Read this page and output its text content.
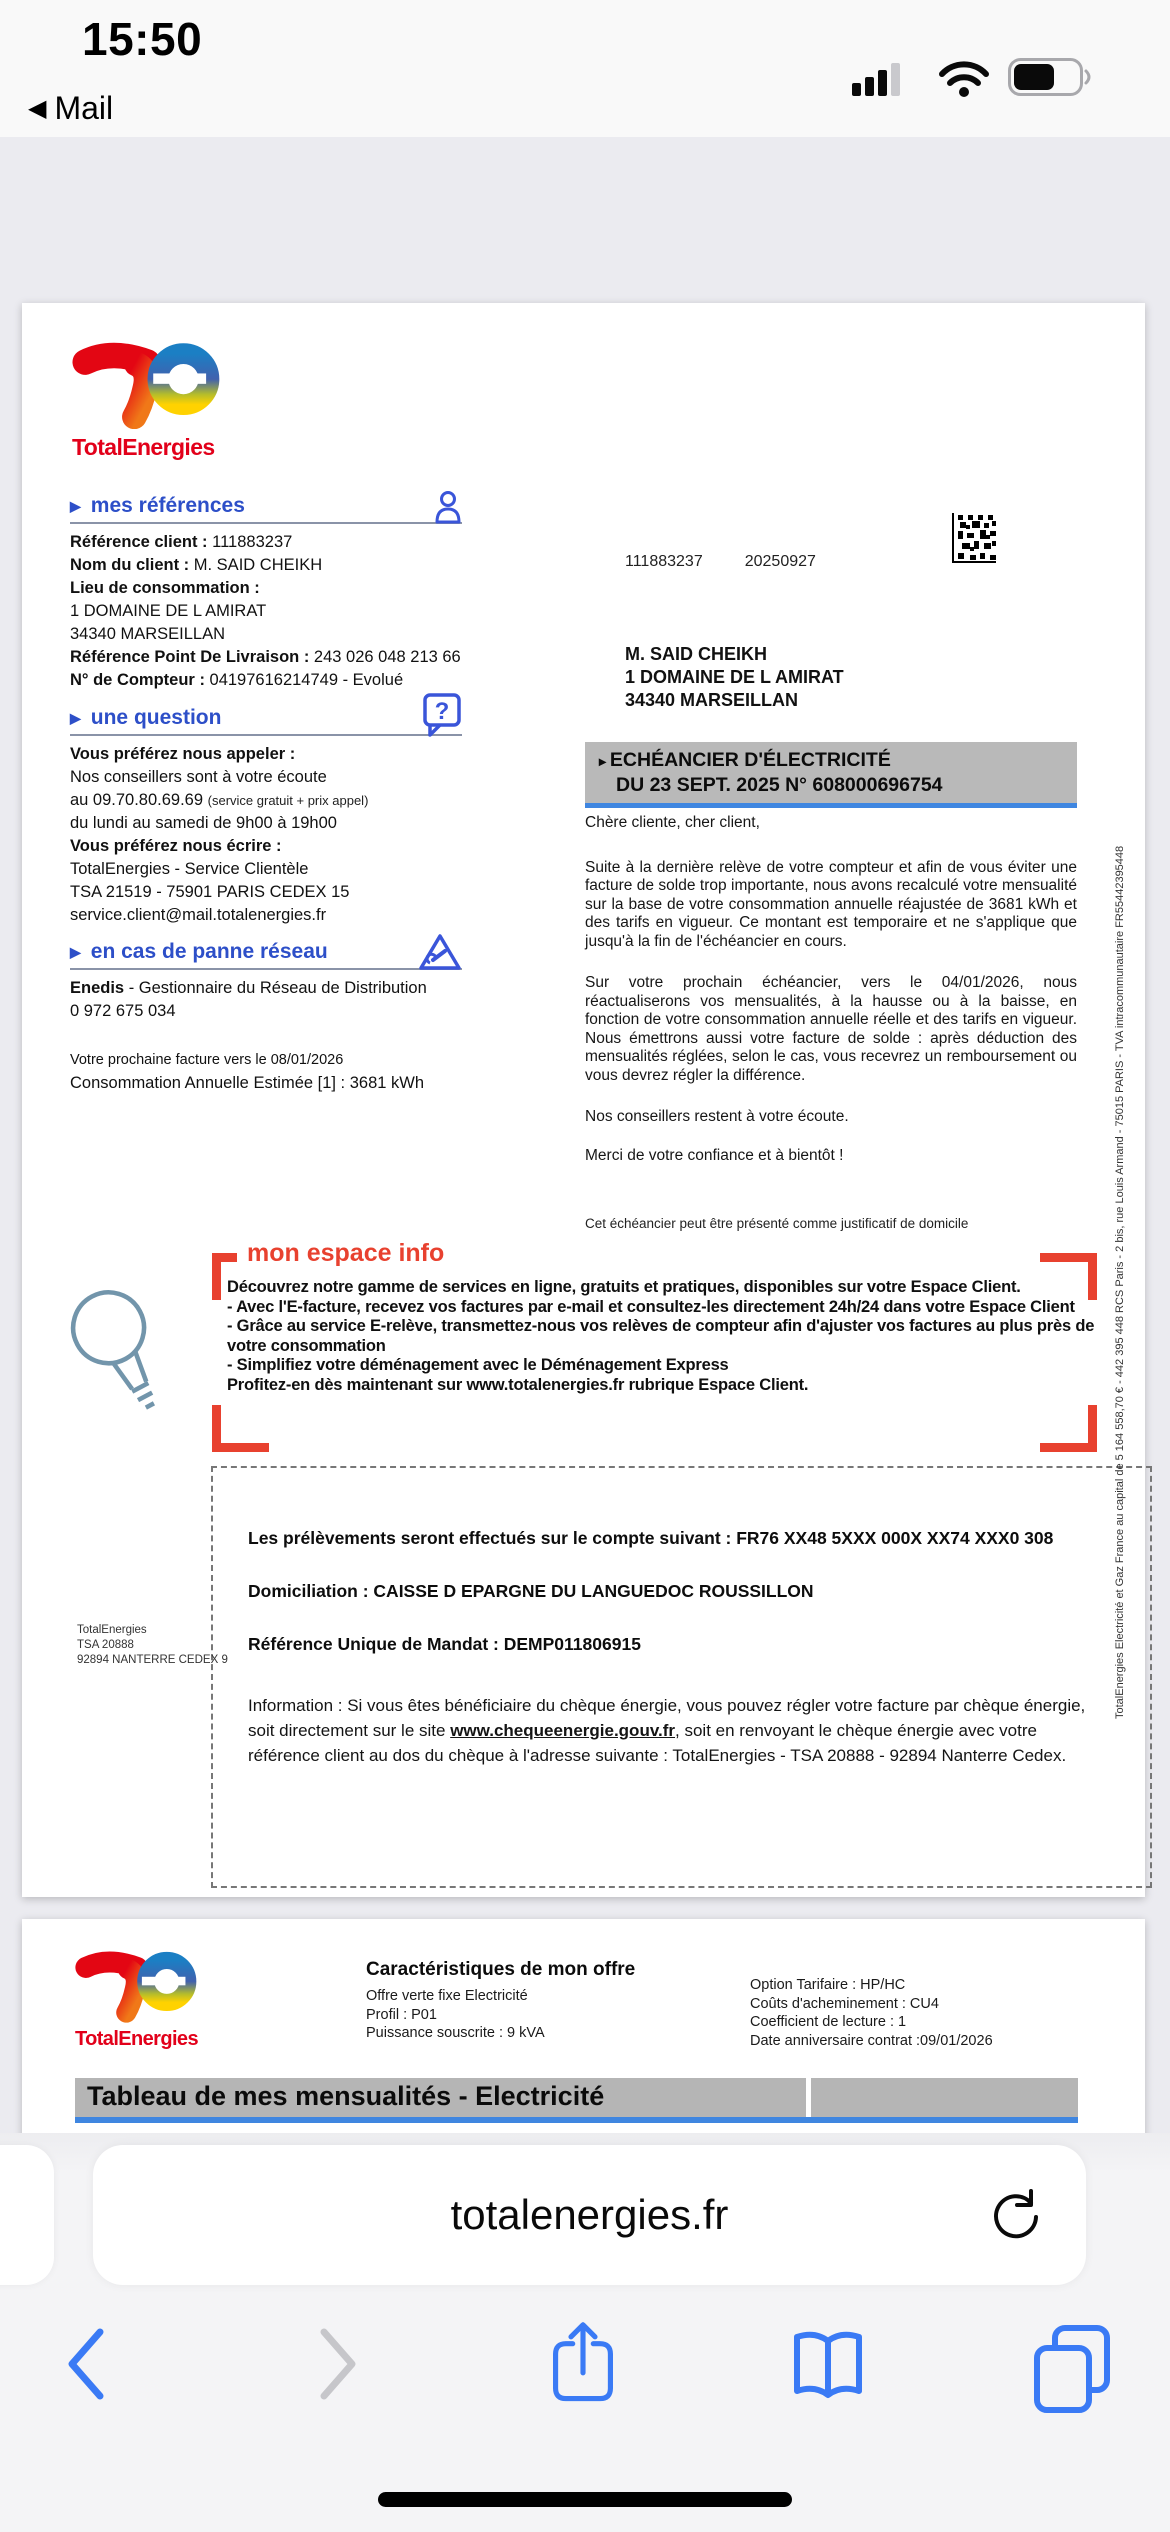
15:50
◀ Mail
TotalEnergies
▶ mes références
Référence client : 111883237
Nom du client : M. SAID CHEIKH
Lieu de consommation :
1 DOMAINE DE L AMIRAT
34340 MARSEILLAN
Référence Point De Livraison : 243 026 048 213 66
N° de Compteur : 04197616214749 - Evolué
▶ une question	?
Vous préférez nous appeler :
Nos conseillers sont à votre écoute
au 09.70.80.69.69 (service gratuit + prix appel)
du lundi au samedi de 9h00 à 19h00
Vous préférez nous écrire :
TotalEnergies - Service Clientèle
TSA 21519 - 75901 PARIS CEDEX 15
service.client@mail.totalenergies.fr
▶ en cas de panne réseau
Enedis - Gestionnaire du Réseau de Distribution
0 972 675 034
Votre prochaine facture vers le 08/01/2026
Consommation Annuelle Estimée [1] : 3681 kWh
111883237	20250927
M. SAID CHEIKH
1 DOMAINE DE L AMIRAT
34340 MARSEILLAN
▸ ECHÉANCIER D'ÉLECTRICITÉ
DU 23 SEPT. 2025 N° 608000696754
Chère cliente, cher client,
Suite à la dernière relève de votre compteur et afin de vous éviter une facture de solde trop importante, nous avons recalculé votre mensualité sur la base de votre consommation annuelle réajustée de 3681 kWh et des tarifs en vigueur. Ce montant est temporaire et ne s'applique que jusqu'à la fin de l'échéancier en cours.
Sur votre prochain échéancier, vers le 04/01/2026, nous réactualiserons vos mensualités, à la hausse ou à la baisse, en fonction de votre consommation annuelle réelle et des tarifs en vigueur. Nous émettrons aussi votre facture de solde : après déduction des mensualités réglées, selon le cas, vous recevrez un remboursement ou vous devrez régler la différence.
Nos conseillers restent à votre écoute.
Merci de votre confiance et à bientôt !
Cet échéancier peut être présenté comme justificatif de domicile
mon espace info
Découvrez notre gamme de services en ligne, gratuits et pratiques, disponibles sur votre Espace Client.
- Avec l'E-facture, recevez vos factures par e-mail et consultez-les directement 24h/24 dans votre Espace Client
- Grâce au service E-relève, transmettez-nous vos relèves de compteur afin d'ajuster vos factures au plus près de votre consommation
- Simplifiez votre déménagement avec le Déménagement Express
Profitez-en dès maintenant sur www.totalenergies.fr rubrique Espace Client.
Les prélèvements seront effectués sur le compte suivant : FR76 XX48 5XXX 000X XX74 XXX0 308
Domiciliation : CAISSE D EPARGNE DU LANGUEDOC ROUSSILLON
Référence Unique de Mandat : DEMP011806915
Information : Si vous êtes bénéficiaire du chèque énergie, vous pouvez régler votre facture par chèque énergie, soit directement sur le site www.chequeenergie.gouv.fr, soit en renvoyant le chèque énergie avec votre référence client au dos du chèque à l'adresse suivante : TotalEnergies - TSA 20888 - 92894 Nanterre Cedex.
TotalEnergies
TSA 20888
92894 NANTERRE CEDEX 9	TotalEnergies Electricité et Gaz France au capital de 5 164 558,70 € - 442 395 448 RCS Paris - 2 bis, rue Louis Armand - 75015 PARIS - TVA intracommunautaire FR55442395448
TotalEnergies
Caractéristiques de mon offre
Offre verte fixe Electricité
Profil : P01
Puissance souscrite : 9 kVA
Option Tarifaire : HP/HC
Coûts d'acheminement : CU4
Coefficient de lecture : 1
Date anniversaire contrat :09/01/2026
Tableau de mes mensualités - Electricité
totalenergies.fr
